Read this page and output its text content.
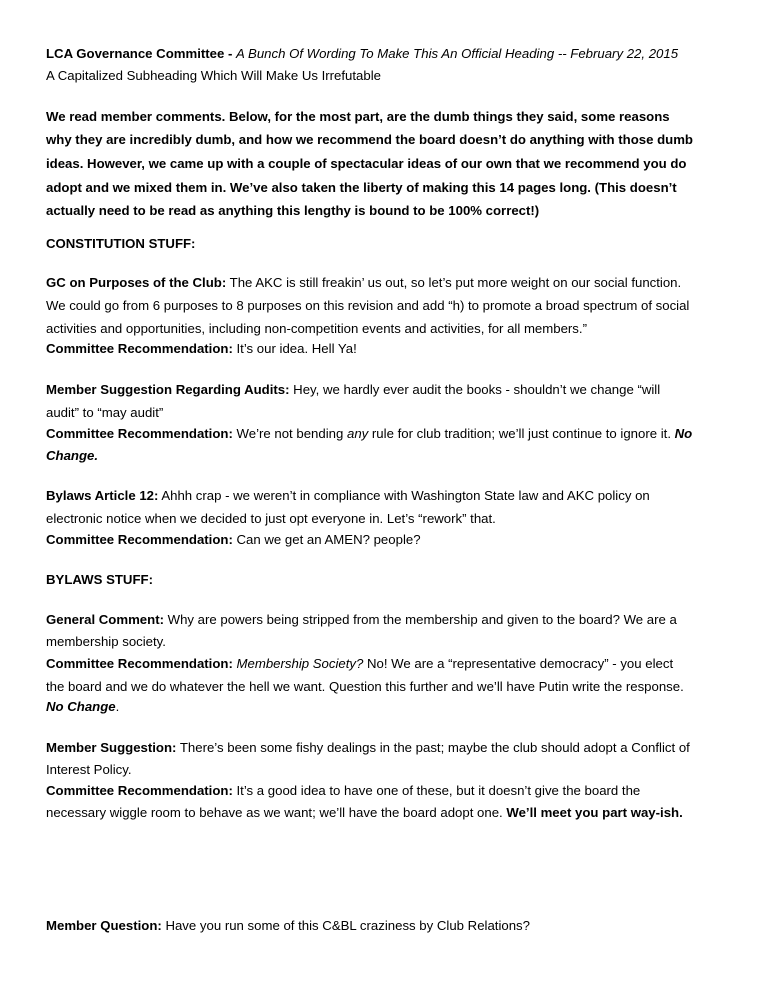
LCA Governance Committee - A Bunch Of Wording To Make This An Official Heading -- February 22, 2015
A Capitalized Subheading Which Will Make Us Irrefutable
We read member comments. Below, for the most part, are the dumb things they said, some reasons
why they are incredibly dumb, and how we recommend the board doesn’t do anything with those dumb
ideas. However, we came up with a couple of spectacular ideas of our own that we recommend you do
adopt and we mixed them in. We’ve also taken the liberty of making this 14 pages long. (This doesn’t
actually need to be read as anything this lengthy is bound to be 100% correct!)
CONSTITUTION STUFF:
GC on Purposes of the Club: The AKC is still freakin’ us out, so let’s put more weight on our social function.
We could go from 6 purposes to 8 purposes on this revision and add “h) to promote a broad spectrum of social
activities and opportunities, including non-competition events and activities, for all members.”
Committee Recommendation: It’s our idea. Hell Ya!
Member Suggestion Regarding Audits: Hey, we hardly ever audit the books - shouldn’t we change “will
audit” to “may audit”
Committee Recommendation: We’re not bending any rule for club tradition; we’ll just continue to ignore it. No
Change.
Bylaws Article 12: Ahhh crap - we weren’t in compliance with Washington State law and AKC policy on
electronic notice when we decided to just opt everyone in. Let’s “rework” that.
Committee Recommendation: Can we get an AMEN? people?
BYLAWS STUFF:
General Comment: Why are powers being stripped from the membership and given to the board? We are a
membership society.
Committee Recommendation: Membership Society? No! We are a “representative democracy” - you elect
the board and we do whatever the hell we want. Question this further and we’ll have Putin write the response.
No Change.
Member Suggestion: There’s been some fishy dealings in the past; maybe the club should adopt a Conflict of
Interest Policy.
Committee Recommendation: It’s a good idea to have one of these, but it doesn’t give the board the
necessary wiggle room to behave as we want; we’ll have the board adopt one. We’ll meet you part way-ish.
Member Question: Have you run some of this C&BL craziness by Club Relations?
